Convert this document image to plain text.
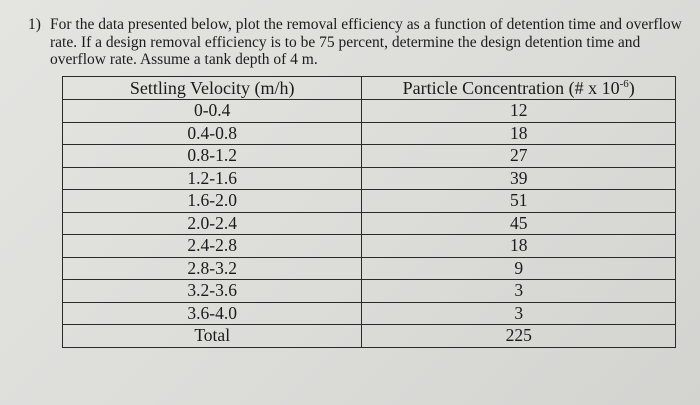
1) For the data presented below, plot the removal efficiency as a function of detention time and overflow rate. If a design removal efficiency is to be 75 percent, determine the design detention time and overflow rate. Assume a tank depth of 4 m.
Settling Velocity (m/h)	Particle Concentration (# x $10^{-6}$)
0-0.4	12
0.4-0.8	18
0.8-1.2	27
1.2-1.6	39
1.6-2.0	51
2.0-2.4	45
2.4-2.8	18
2.8-3.2	9
3.2-3.6	3
3.6-4.0	3
Total	225
